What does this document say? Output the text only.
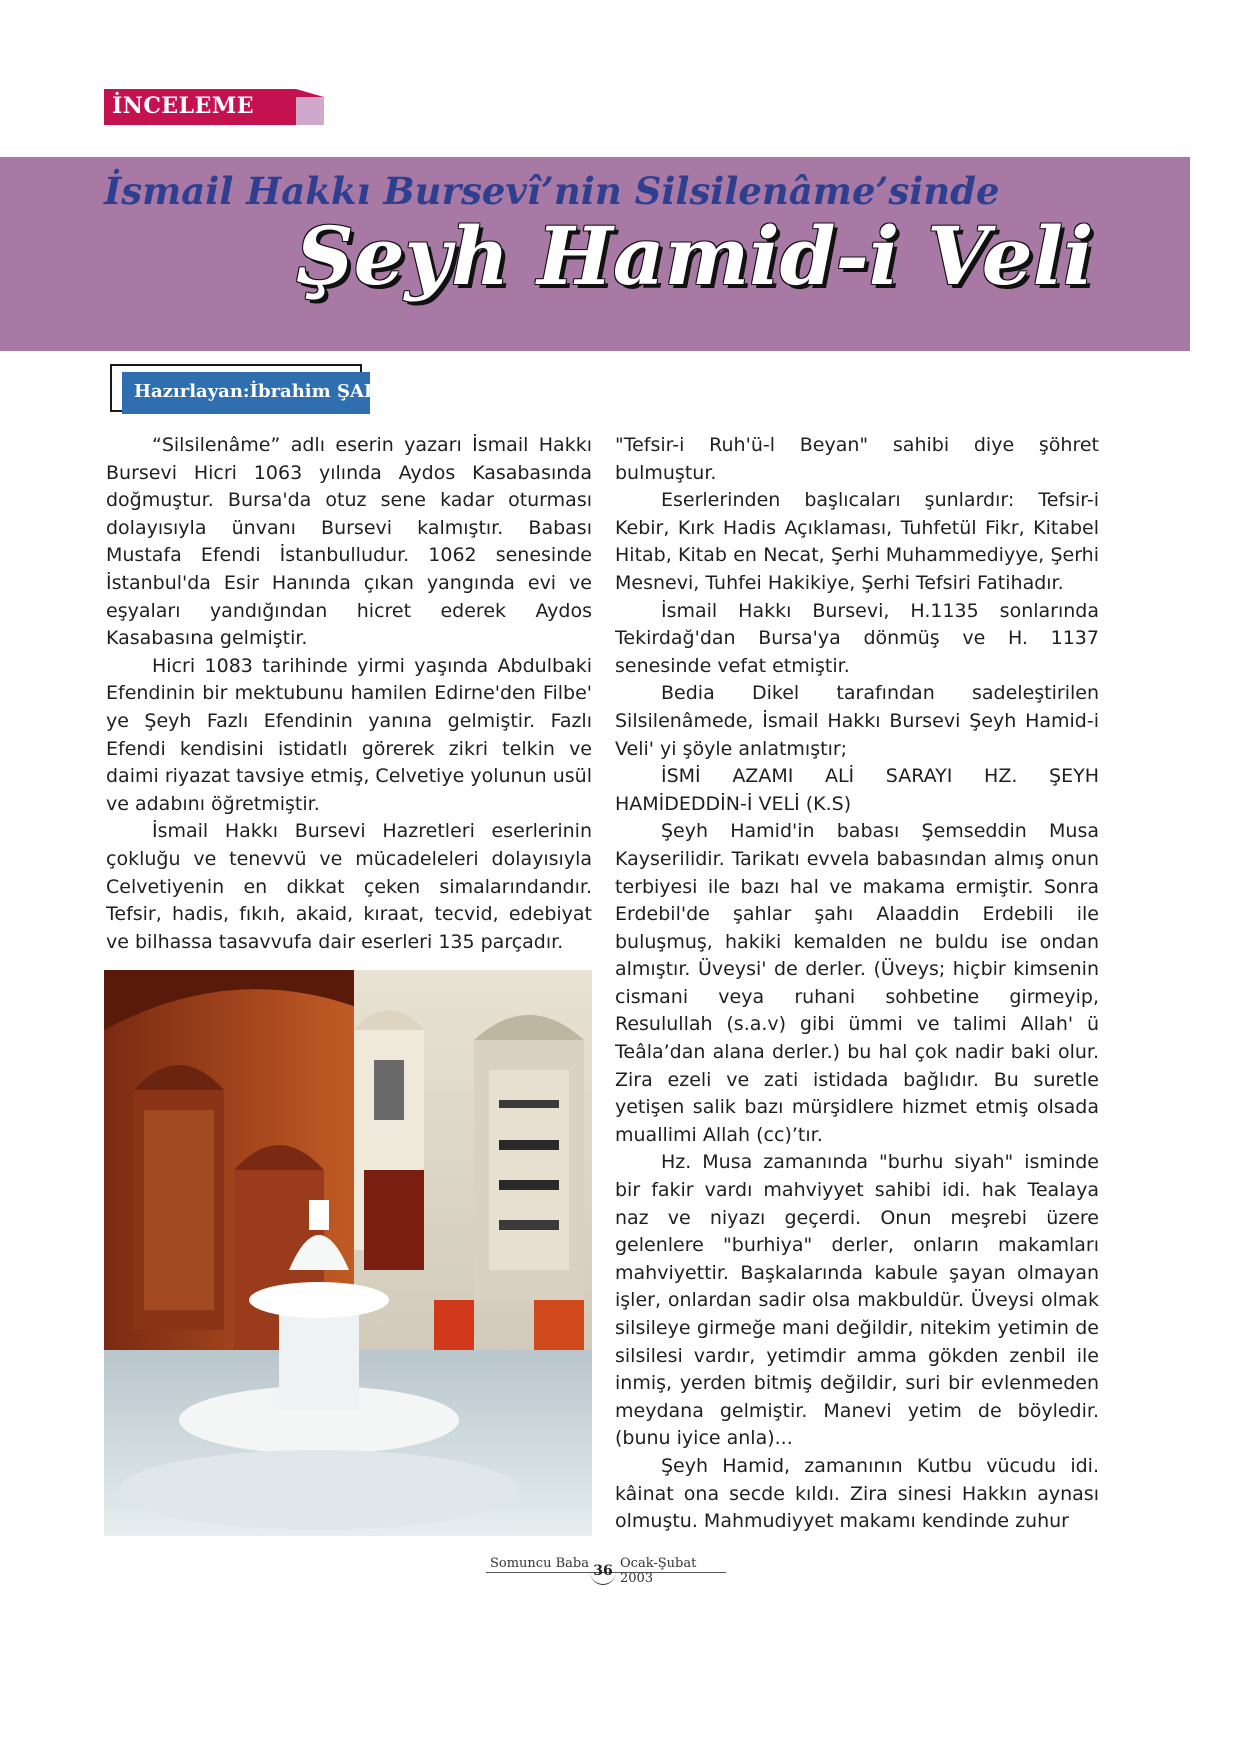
İNCELEME
İsmail Hakkı Bursevî’nin Silsilenâme’sinde
Şeyh Hamid-i Veli
Hazırlayan:İbrahim ŞAHİN

“Silsilenâme” adlı eserin yazarı İsmail Hakkı Bursevi Hicri 1063 yılında Aydos Kasabasında doğmuştur. Bursa'da otuz sene kadar oturması dolayısıyla ünvanı Bursevi kalmıştır. Babası Mustafa Efendi İstanbulludur. 1062 senesinde İstanbul'da Esir Hanında çıkan yangında evi ve eşyaları yandığından hicret ederek Aydos Kasabasına gelmiştir.

Hicri 1083 tarihinde yirmi yaşında Abdulbaki Efendinin bir mektubunu hamilen Edirne'den Filbe' ye Şeyh Fazlı Efendinin yanına gelmiştir. Fazlı Efendi kendisini istidatlı görerek zikri telkin ve daimi riyazat tavsiye etmiş, Celvetiye yolunun usül ve adabını öğretmiştir.

İsmail Hakkı Bursevi Hazretleri eserlerinin çokluğu ve tenevvü ve mücadeleleri dolayısıyla Celvetiyenin en dikkat çeken simalarındandır. Tefsir, hadis, fıkıh, akaid, kıraat, tecvid, edebiyat ve bilhassa tasavvufa dair eserleri 135 parçadır.

"Tefsir-i Ruh'ü-l Beyan" sahibi diye şöhret bulmuştur.

Eserlerinden başlıcaları şunlardır: Tefsir-i Kebir, Kırk Hadis Açıklaması, Tuhfetül Fikr, Kitabel Hitab, Kitab en Necat, Şerhi Muhammediyye, Şerhi Mesnevi, Tuhfei Hakikiye, Şerhi Tefsiri Fatihadır.

İsmail Hakkı Bursevi, H.1135 sonlarında Tekirdağ'dan Bursa'ya dönmüş ve H. 1137 senesinde vefat etmiştir.

Bedia Dikel tarafından sadeleştirilen Silsilenâmede, İsmail Hakkı Bursevi Şeyh Hamid-i Veli' yi şöyle anlatmıştır;

İSMİ AZAMI ALİ SARAYI HZ. ŞEYH HAMİDEDDİN-İ VELİ (K.S)

Şeyh Hamid'in babası Şemseddin Musa Kayserilidir. Tarikatı evvela babasından almış onun terbiyesi ile bazı hal ve makama ermiştir. Sonra Erdebil'de şahlar şahı Alaaddin Erdebili ile buluşmuş, hakiki kemalden ne buldu ise ondan almıştır. Üveysi' de derler. (Üveys; hiçbir kimsenin cismani veya ruhani sohbetine girmeyip, Resulullah (s.a.v) gibi ümmi ve talimi Allah' ü Teâla’dan alana derler.) bu hal çok nadir baki olur. Zira ezeli ve zati istidada bağlıdır. Bu suretle yetişen salik bazı mürşidlere hizmet etmiş olsada muallimi Allah (cc)’tır.

Hz. Musa zamanında "burhu siyah" isminde bir fakir vardı mahviyyet sahibi idi. hak Tealaya naz ve niyazı geçerdi. Onun meşrebi üzere gelenlere "burhiya" derler, onların makamları mahviyettir. Başkalarında kabule şayan olmayan işler, onlardan sadir olsa makbuldür. Üveysi olmak silsileye girmeğe mani değildir, nitekim yetimin de silsilesi vardır, yetimdir amma gökden zenbil ile inmiş, yerden bitmiş değildir, suri bir evlenmeden meydana gelmiştir. Manevi yetim de böyledir. (bunu iyice anla)...

Şeyh Hamid, zamanının Kutbu vücudu idi. kâinat ona secde kıldı. Zira sinesi Hakkın aynası olmuştu. Mahmudiyyet makamı kendinde zuhur

Somuncu Baba 36 Ocak-Şubat 2003
